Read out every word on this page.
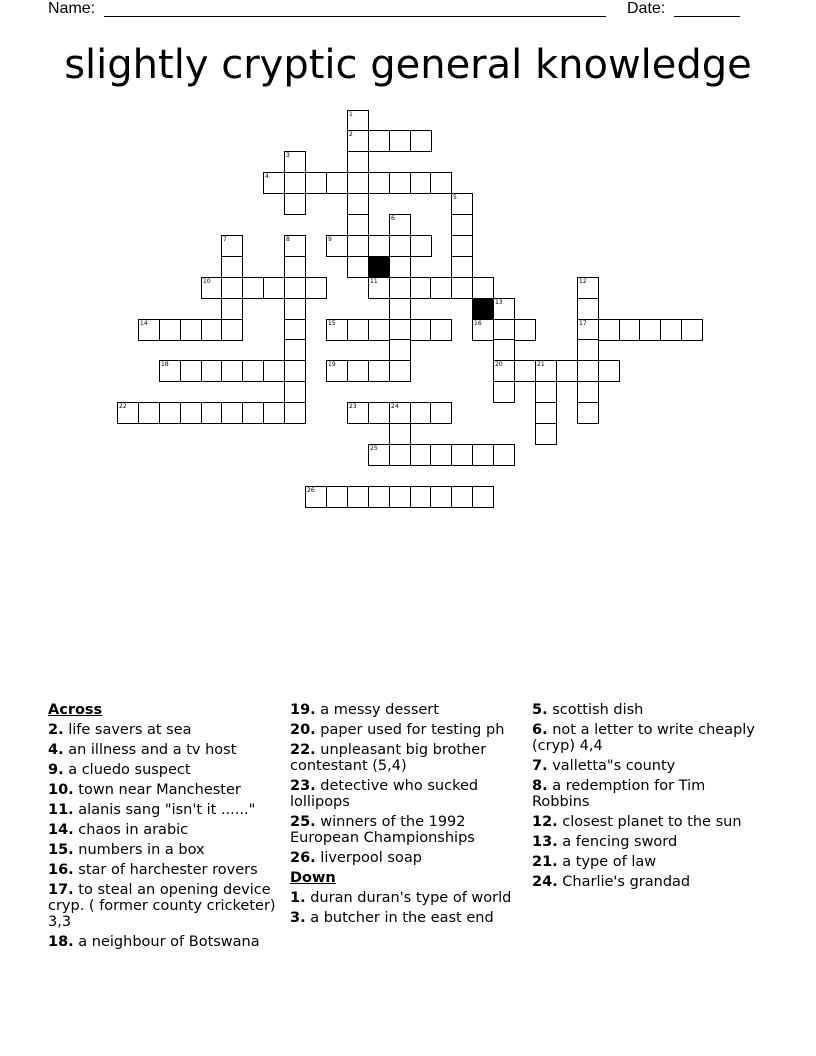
Name:	Date:
slightly cryptic general knowledge
1
2
3
4
5
6
7	8	9
10	11	12
13
14	15	16	17
18	19	20	21
22	23	24
25
26
Across
2. life savers at sea
4. an illness and a tv host
9. a cluedo suspect
10. town near Manchester
11. alanis sang "isn't it ......"
14. chaos in arabic
15. numbers in a box
16. star of harchester rovers
17. to steal an opening device cryp. ( former county cricketer) 3,3
18. a neighbour of Botswana
19. a messy dessert
20. paper used for testing ph
22. unpleasant big brother contestant (5,4)
23. detective who sucked lollipops
25. winners of the 1992 European Championships
26. liverpool soap
Down
1. duran duran's type of world
3. a butcher in the east end
5. scottish dish
6. not a letter to write cheaply (cryp) 4,4
7. valletta"s county
8. a redemption for Tim Robbins
12. closest planet to the sun
13. a fencing sword
21. a type of law
24. Charlie's grandad
